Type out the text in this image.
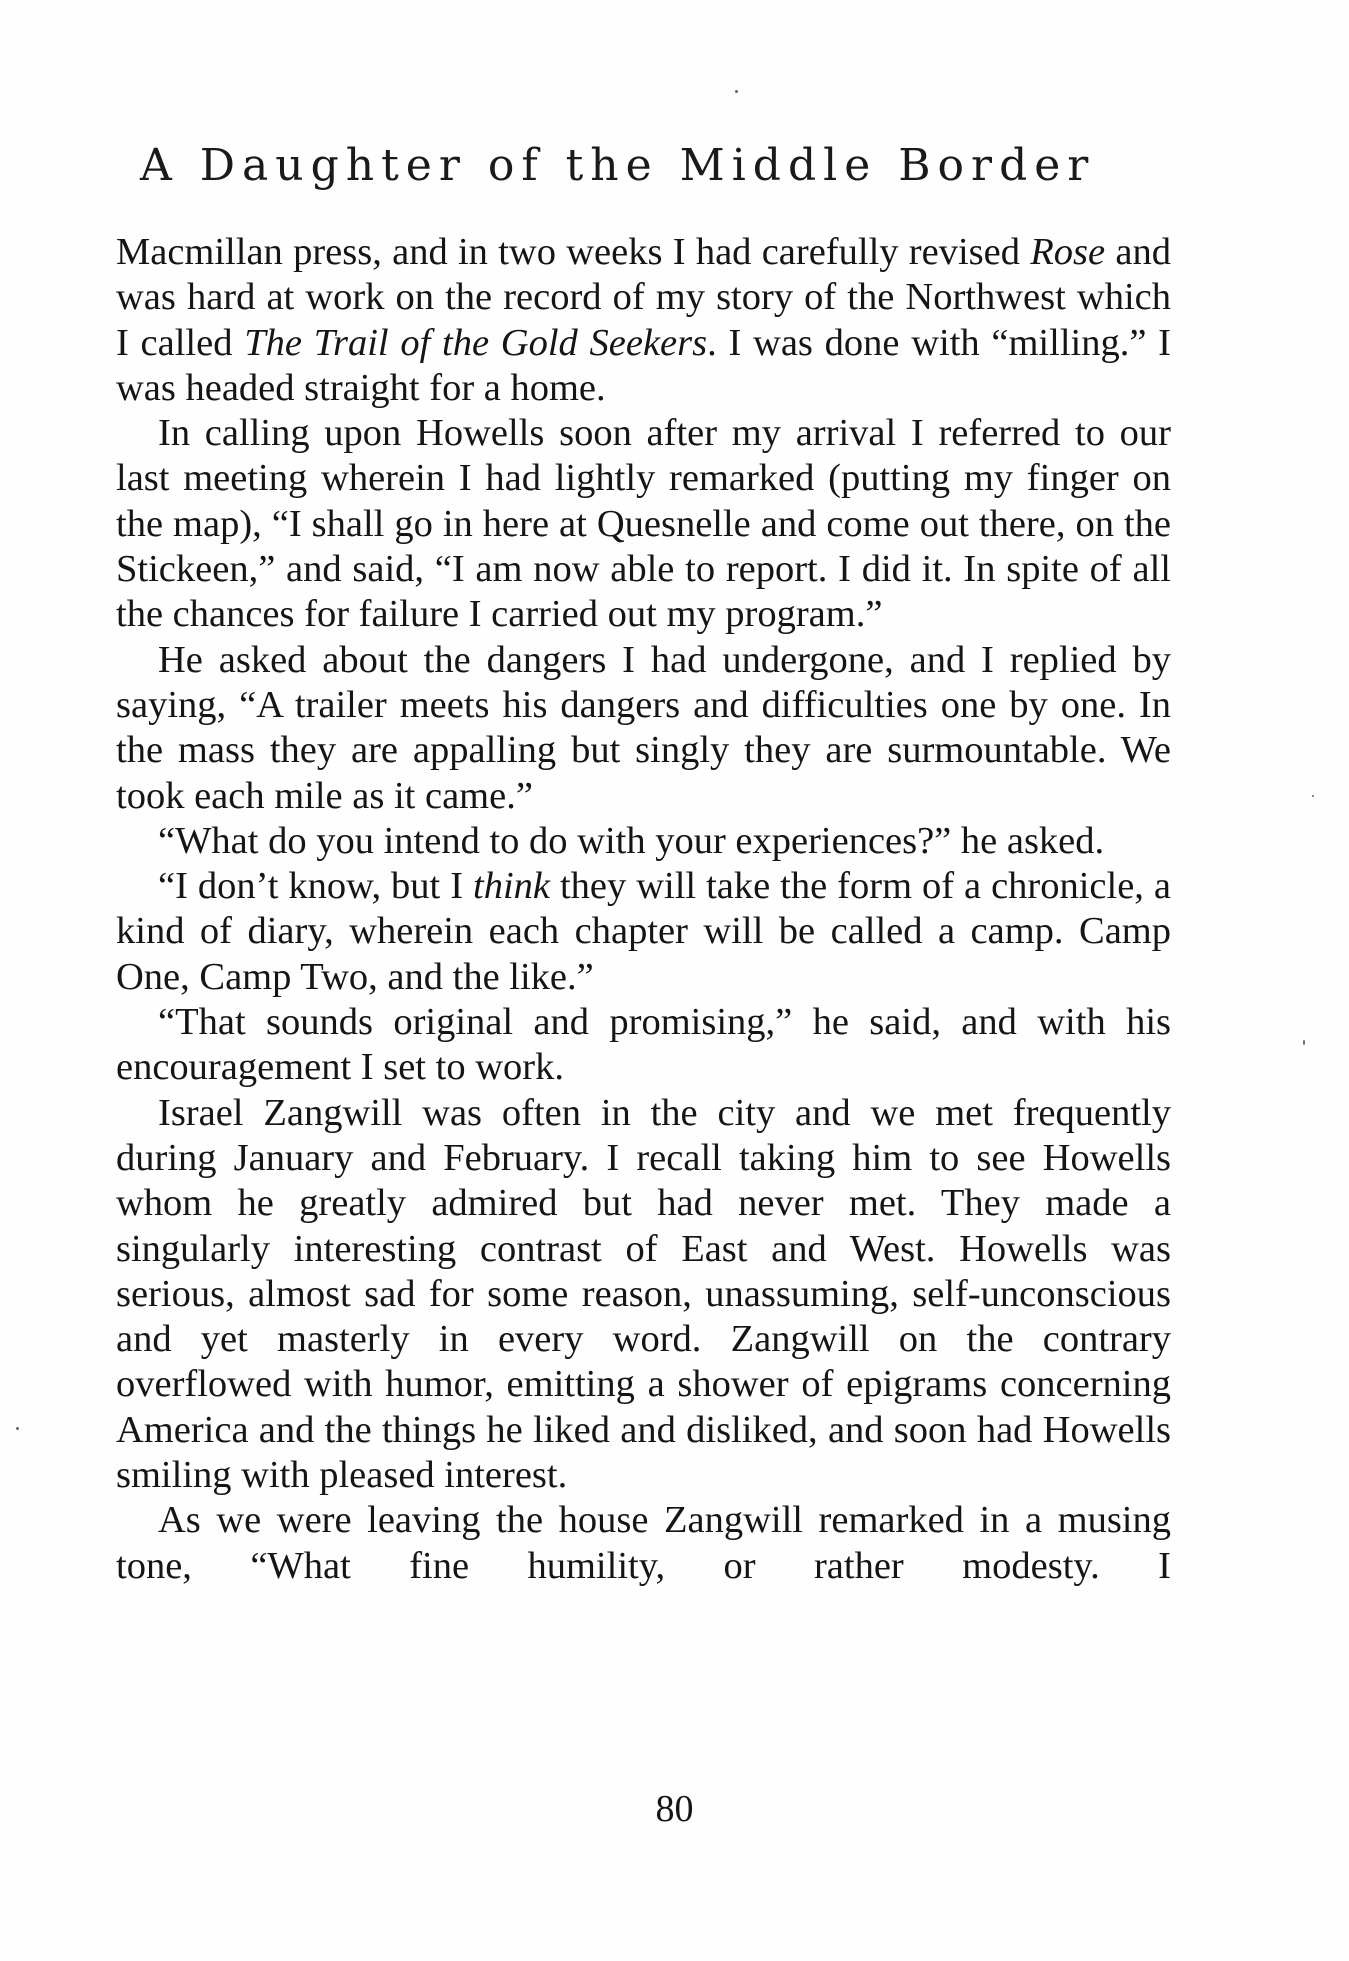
A Daughter of the Middle Border

Macmillan press, and in two weeks I had carefully revised Rose and was hard at work on the record of my story of the Northwest which I called The Trail of the Gold Seekers. I was done with “milling.” I was headed straight for a home.

In calling upon Howells soon after my arrival I referred to our last meeting wherein I had lightly remarked (putting my finger on the map), “I shall go in here at Quesnelle and come out there, on the Stickeen,” and said, “I am now able to report. I did it. In spite of all the chances for failure I carried out my program.”

He asked about the dangers I had undergone, and I replied by saying, “A trailer meets his dangers and difficulties one by one. In the mass they are appalling but singly they are surmountable. We took each mile as it came.”

“What do you intend to do with your experiences?” he asked.

“I don’t know, but I think they will take the form of a chronicle, a kind of diary, wherein each chapter will be called a camp. Camp One, Camp Two, and the like.”

“That sounds original and promising,” he said, and with his encouragement I set to work.

Israel Zangwill was often in the city and we met frequently during January and February. I recall taking him to see Howells whom he greatly admired but had never met. They made a singularly interesting contrast of East and West. Howells was serious, almost sad for some reason, unassuming, self-unconscious and yet masterly in every word. Zangwill on the contrary overflowed with humor, emitting a shower of epigrams concerning America and the things he liked and disliked, and soon had Howells smiling with pleased interest.

As we were leaving the house Zangwill remarked in a musing tone, “What fine humility, or rather modesty. I

80
